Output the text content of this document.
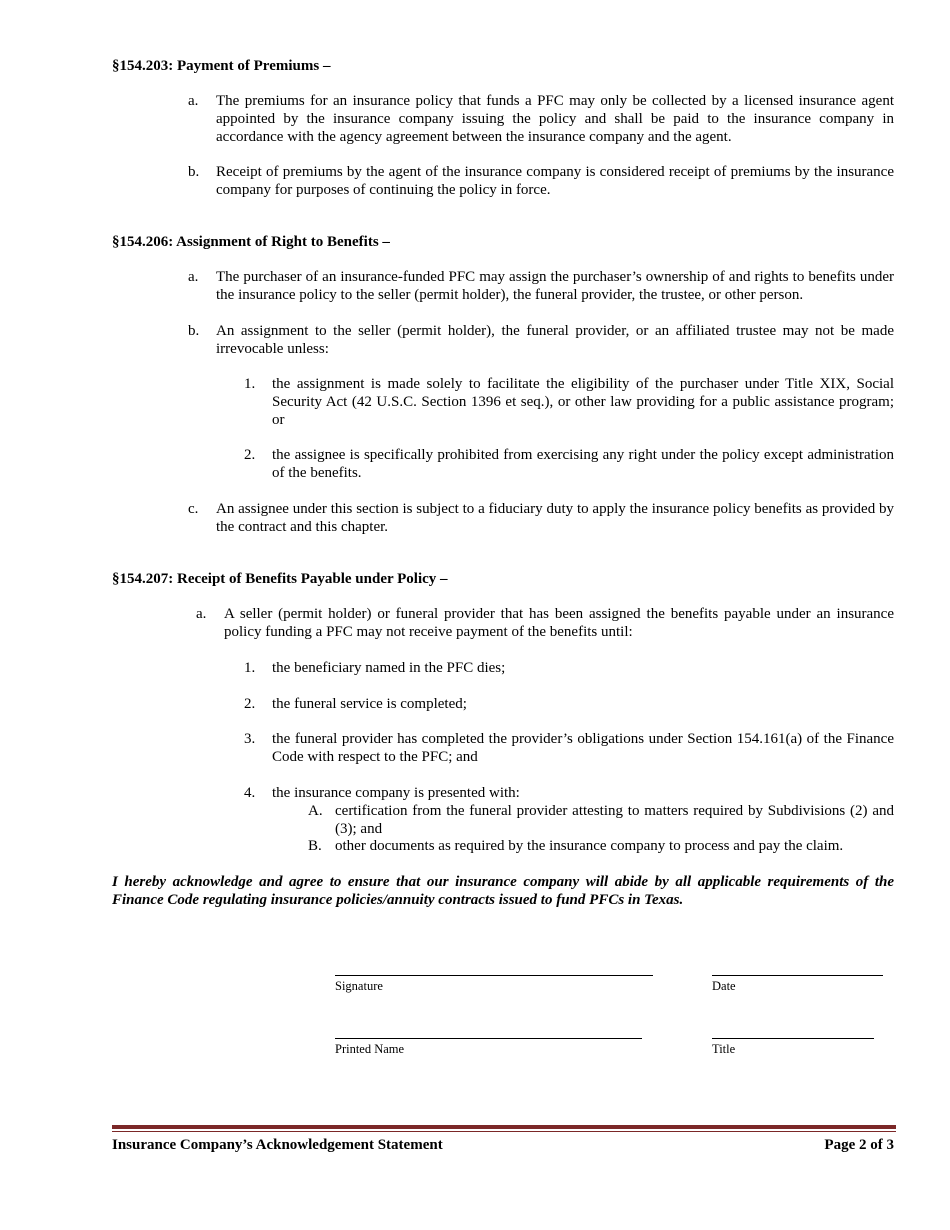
§154.203: Payment of Premiums –
a. The premiums for an insurance policy that funds a PFC may only be collected by a licensed insurance agent appointed by the insurance company issuing the policy and shall be paid to the insurance company in accordance with the agency agreement between the insurance company and the agent.
b. Receipt of premiums by the agent of the insurance company is considered receipt of premiums by the insurance company for purposes of continuing the policy in force.
§154.206: Assignment of Right to Benefits –
a. The purchaser of an insurance-funded PFC may assign the purchaser’s ownership of and rights to benefits under the insurance policy to the seller (permit holder), the funeral provider, the trustee, or other person.
b. An assignment to the seller (permit holder), the funeral provider, or an affiliated trustee may not be made irrevocable unless:
1. the assignment is made solely to facilitate the eligibility of the purchaser under Title XIX, Social Security Act (42 U.S.C. Section 1396 et seq.), or other law providing for a public assistance program; or
2. the assignee is specifically prohibited from exercising any right under the policy except administration of the benefits.
c. An assignee under this section is subject to a fiduciary duty to apply the insurance policy benefits as provided by the contract and this chapter.
§154.207: Receipt of Benefits Payable under Policy –
a. A seller (permit holder) or funeral provider that has been assigned the benefits payable under an insurance policy funding a PFC may not receive payment of the benefits until:
1. the beneficiary named in the PFC dies;
2. the funeral service is completed;
3. the funeral provider has completed the provider’s obligations under Section 154.161(a) of the Finance Code with respect to the PFC; and
4. the insurance company is presented with:
A. certification from the funeral provider attesting to matters required by Subdivisions (2) and (3); and
B. other documents as required by the insurance company to process and pay the claim.
I hereby acknowledge and agree to ensure that our insurance company will abide by all applicable requirements of the Finance Code regulating insurance policies/annuity contracts issued to fund PFCs in Texas.
Signature	Date
Printed Name	Title
Insurance Company’s Acknowledgement Statement	Page 2 of 3
